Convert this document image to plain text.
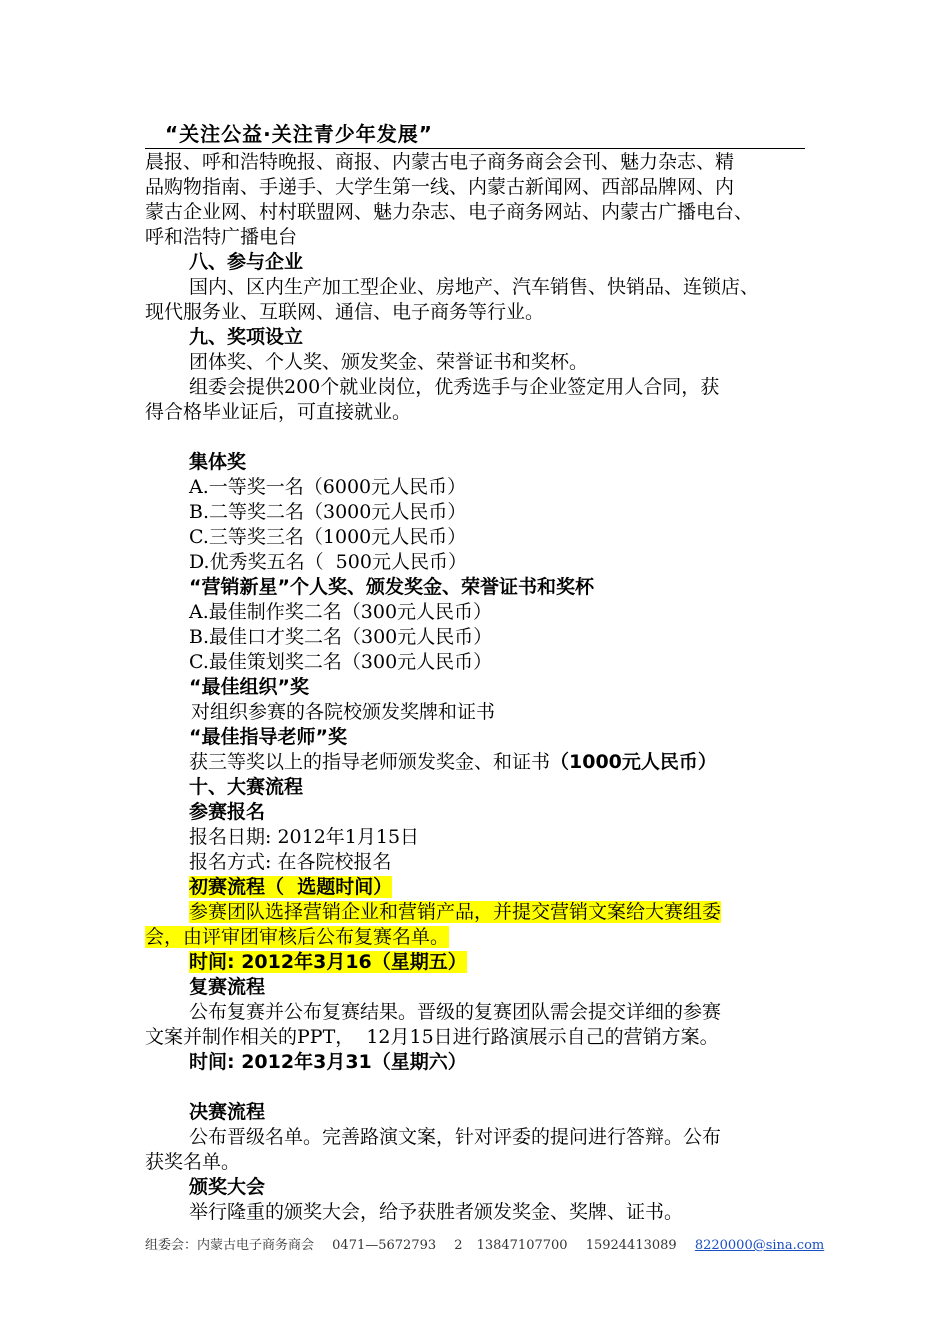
“关注公益·关注青少年发展”
晨报、呼和浩特晚报、商报、内蒙古电子商务商会会刊、魅力杂志、精
品购物指南、手递手、大学生第一线、内蒙古新闻网、西部品牌网、内
蒙古企业网、村村联盟网、魅力杂志、电子商务网站、内蒙古广播电台、
呼和浩特广播电台
八、参与企业
国内、区内生产加工型企业、房地产、汽车销售、快销品、连锁店、
现代服务业、互联网、通信、电子商务等行业。
九、奖项设立
团体奖、个人奖、颁发奖金、荣誉证书和奖杯。
组委会提供200个就业岗位，优秀选手与企业签定用人合同，获
得合格毕业证后，可直接就业。
集体奖
A.一等奖一名（6000元人民币）
B.二等奖二名（3000元人民币）
C.三等奖三名（1000元人民币）
D.优秀奖五名（  500元人民币）
“营销新星”个人奖、颁发奖金、荣誉证书和奖杯
A.最佳制作奖二名（300元人民币）
B.最佳口才奖二名（300元人民币）
C.最佳策划奖二名（300元人民币）
“最佳组织”奖
对组织参赛的各院校颁发奖牌和证书
“最佳指导老师”奖
获三等奖以上的指导老师颁发奖金、和证书（1000元人民币）
十、大赛流程
参赛报名
报名日期: 2012年1月15日
报名方式: 在各院校报名
初赛流程（  选题时间）
参赛团队选择营销企业和营销产品，并提交营销文案给大赛组委
会，由评审团审核后公布复赛名单。
时间: 2012年3月16（星期五）
复赛流程
公布复赛并公布复赛结果。晋级的复赛团队需会提交详细的参赛
文案并制作相关的PPT，  12月15日进行路演展示自己的营销方案。
时间: 2012年3月31（星期六）
决赛流程
公布晋级名单。完善路演文案，针对评委的提问进行答辩。公布
获奖名单。
颁奖大会
举行隆重的颁奖大会，给予获胜者颁发奖金、奖牌、证书。
组委会：内蒙古电子商务商会 0471—5672793 2 13847107700 15924413089 8220000@sina.com
